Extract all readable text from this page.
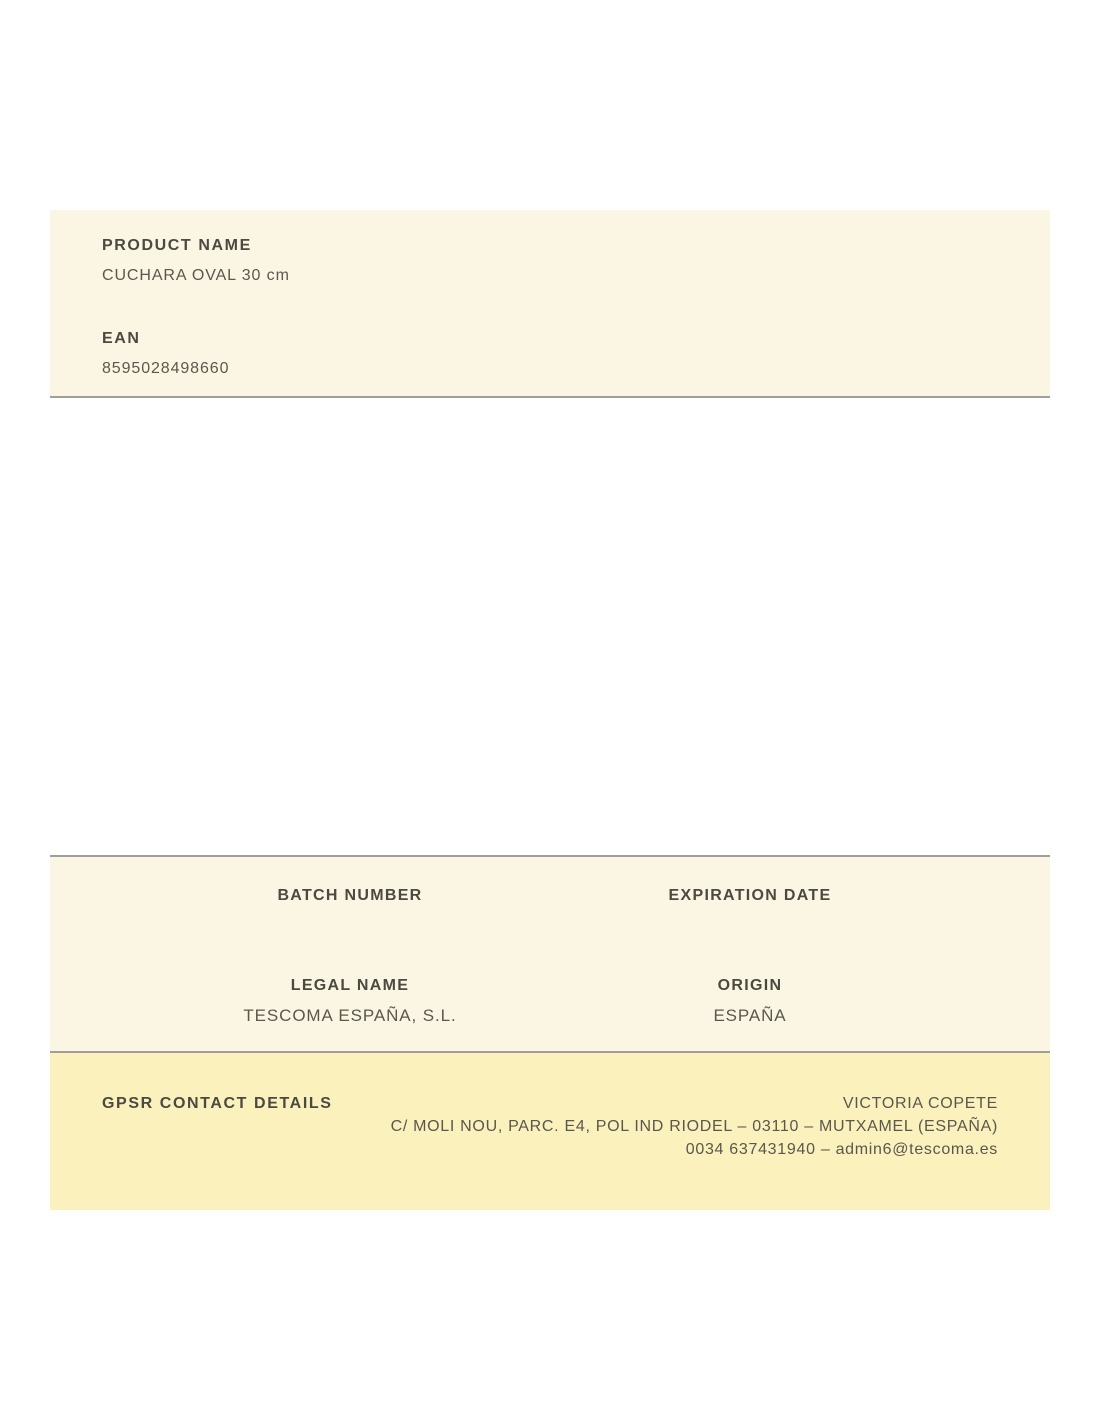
PRODUCT NAME
CUCHARA OVAL 30 cm
EAN
8595028498660
BATCH NUMBER
LEGAL NAME
TESCOMA ESPAÑA, S.L.
EXPIRATION DATE
ORIGIN
ESPAÑA
GPSR CONTACT DETAILS	VICTORIA COPETE
C/ MOLI NOU, PARC. E4, POL IND RIODEL – 03110 – MUTXAMEL (ESPAÑA)
0034 637431940 – admin6@tescoma.es
